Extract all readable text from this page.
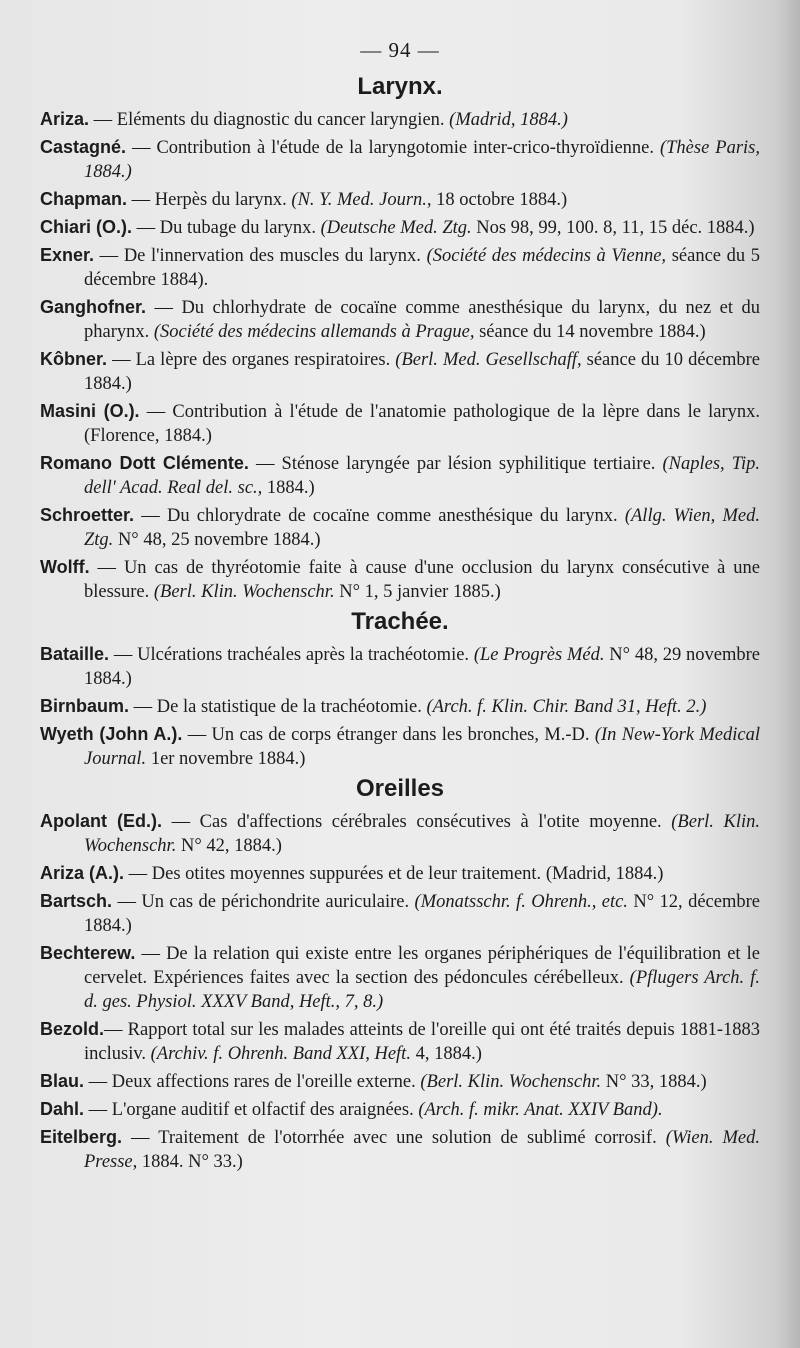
— 94 —
Larynx.
Ariza. — Eléments du diagnostic du cancer laryngien. (Madrid, 1884.)
Castagné. — Contribution à l'étude de la laryngotomie inter-crico-thyroïdienne. (Thèse Paris, 1884.)
Chapman. — Herpès du larynx. (N. Y. Med. Journ., 18 octobre 1884.)
Chiari (O.). — Du tubage du larynx. (Deutsche Med. Ztg. Nos 98, 99, 100. 8, 11, 15 déc. 1884.)
Exner. — De l'innervation des muscles du larynx. (Société des médecins à Vienne, séance du 5 décembre 1884).
Ganghofner. — Du chlorhydrate de cocaïne comme anesthésique du larynx, du nez et du pharynx. (Société des médecins allemands à Prague, séance du 14 novembre 1884.)
Kôbner. — La lèpre des organes respiratoires. (Berl. Med. Gesellschaff, séance du 10 décembre 1884.)
Masini (O.). — Contribution à l'étude de l'anatomie pathologique de la lèpre dans le larynx. (Florence, 1884.)
Romano Dott Clémente. — Sténose laryngée par lésion syphilitique tertiaire. (Naples, Tip. dell' Acad. Real del. sc., 1884.)
Schroetter. — Du chlorydrate de cocaïne comme anesthésique du larynx. (Allg. Wien, Med. Ztg. N° 48, 25 novembre 1884.)
Wolff. — Un cas de thyréotomie faite à cause d'une occlusion du larynx consécutive à une blessure. (Berl. Klin. Wochenschr. N° 1, 5 janvier 1885.)
Trachée.
Bataille. — Ulcérations trachéales après la trachéotomie. (Le Progrès Méd. N° 48, 29 novembre 1884.)
Birnbaum. — De la statistique de la trachéotomie. (Arch. f. Klin. Chir. Band 31, Heft. 2.)
Wyeth (John A.). — Un cas de corps étranger dans les bronches, M.-D. (In New-York Medical Journal. 1er novembre 1884.)
Oreilles
Apolant (Ed.). — Cas d'affections cérébrales consécutives à l'otite moyenne. (Berl. Klin. Wochenschr. N° 42, 1884.)
Ariza (A.). — Des otites moyennes suppurées et de leur traitement. (Madrid, 1884.)
Bartsch. — Un cas de périchondrite auriculaire. (Monatsschr. f. Ohrenh., etc. N° 12, décembre 1884.)
Bechterew. — De la relation qui existe entre les organes périphériques de l'équilibration et le cervelet. Expériences faites avec la section des pédoncules cérébelleux. (Pflugers Arch. f. d. ges. Physiol. XXXV Band, Heft., 7, 8.)
Bezold.— Rapport total sur les malades atteints de l'oreille qui ont été traités depuis 1881-1883 inclusiv. (Archiv. f. Ohrenh. Band XXI, Heft. 4, 1884.)
Blau. — Deux affections rares de l'oreille externe. (Berl. Klin. Wochenschr. N° 33, 1884.)
Dahl. — L'organe auditif et olfactif des araignées. (Arch. f. mikr. Anat. XXIV Band).
Eitelberg. — Traitement de l'otorrhée avec une solution de sublimé corrosif. (Wien. Med. Presse, 1884. N° 33.)
